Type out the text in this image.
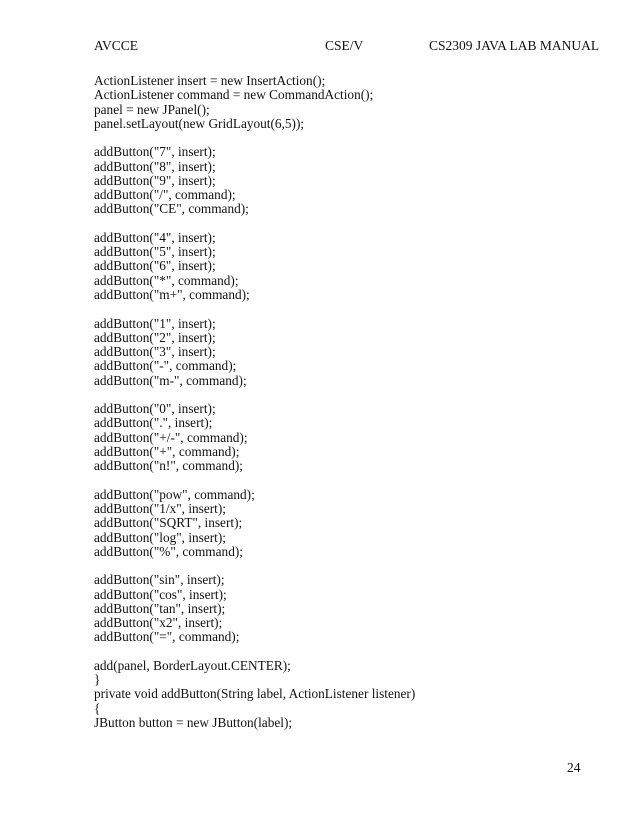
AVCCE	CSE/V	CS2309 JAVA LAB MANUAL
ActionListener insert = new InsertAction();
ActionListener command = new CommandAction();
panel = new JPanel();
panel.setLayout(new GridLayout(6,5));
addButton("7", insert);
addButton("8", insert);
addButton("9", insert);
addButton("/", command);
addButton("CE", command);
addButton("4", insert);
addButton("5", insert);
addButton("6", insert);
addButton("*", command);
addButton("m+", command);
addButton("1", insert);
addButton("2", insert);
addButton("3", insert);
addButton("-", command);
addButton("m-", command);
addButton("0", insert);
addButton(".", insert);
addButton("+/-", command);
addButton("+", command);
addButton("n!", command);
addButton("pow", command);
addButton("1/x", insert);
addButton("SQRT", insert);
addButton("log", insert);
addButton("%", command);
addButton("sin", insert);
addButton("cos", insert);
addButton("tan", insert);
addButton("x2", insert);
addButton("=", command);
add(panel, BorderLayout.CENTER);
}
private void addButton(String label, ActionListener listener)
{
JButton button = new JButton(label);
24
